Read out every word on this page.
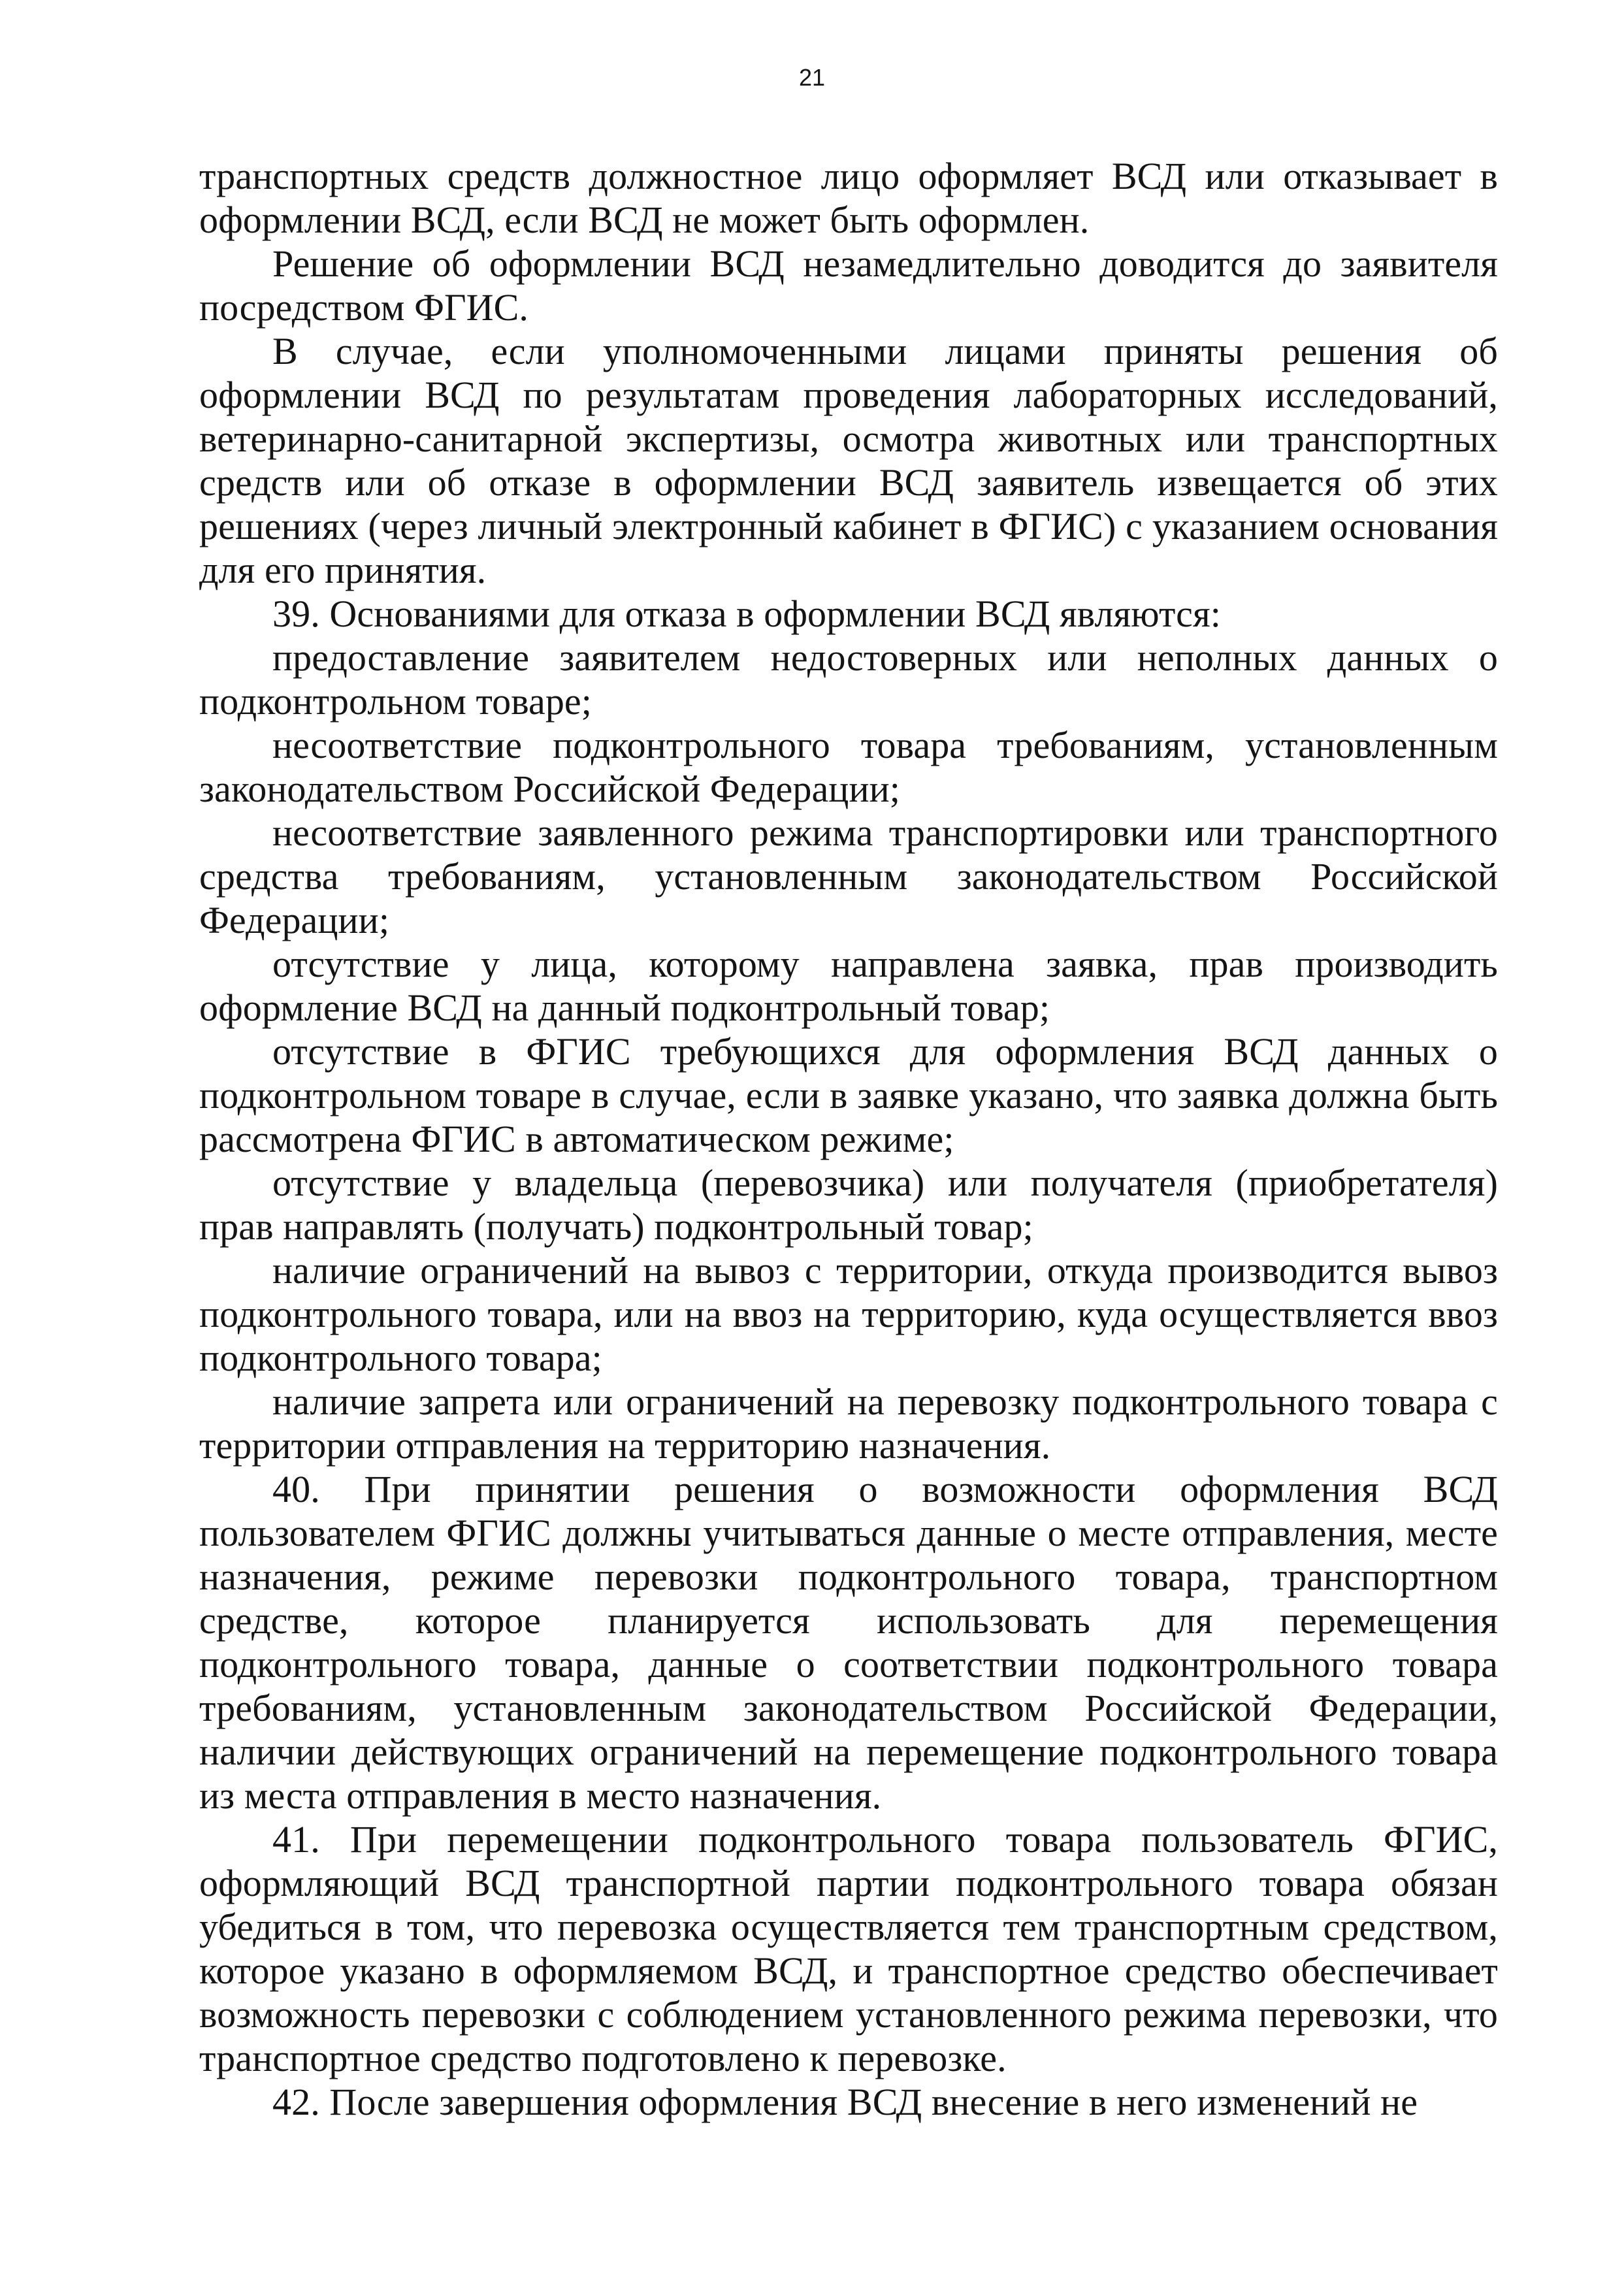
21

транспортных средств должностное лицо оформляет ВСД или отказывает в оформлении ВСД, если ВСД не может быть оформлен.

Решение об оформлении ВСД незамедлительно доводится до заявителя посредством ФГИС.

В случае, если уполномоченными лицами приняты решения об оформлении ВСД по результатам проведения лабораторных исследований, ветеринарно-санитарной экспертизы, осмотра животных или транспортных средств или об отказе в оформлении ВСД заявитель извещается об этих решениях (через личный электронный кабинет в ФГИС) с указанием основания для его принятия.

39. Основаниями для отказа в оформлении ВСД являются:

предоставление заявителем недостоверных или неполных данных о подконтрольном товаре;

несоответствие подконтрольного товара требованиям, установленным законодательством Российской Федерации;

несоответствие заявленного режима транспортировки или транспортного средства требованиям, установленным законодательством Российской Федерации;

отсутствие у лица, которому направлена заявка, прав производить оформление ВСД на данный подконтрольный товар;

отсутствие в ФГИС требующихся для оформления ВСД данных о подконтрольном товаре в случае, если в заявке указано, что заявка должна быть рассмотрена ФГИС в автоматическом режиме;

отсутствие у владельца (перевозчика) или получателя (приобретателя) прав направлять (получать) подконтрольный товар;

наличие ограничений на вывоз с территории, откуда производится вывоз подконтрольного товара, или на ввоз на территорию, куда осуществляется ввоз подконтрольного товара;

наличие запрета или ограничений на перевозку подконтрольного товара с территории отправления на территорию назначения.

40. При принятии решения о возможности оформления ВСД пользователем ФГИС должны учитываться данные о месте отправления, месте назначения, режиме перевозки подконтрольного товара, транспортном средстве, которое планируется использовать для перемещения подконтрольного товара, данные о соответствии подконтрольного товара требованиям, установленным законодательством Российской Федерации, наличии действующих ограничений на перемещение подконтрольного товара из места отправления в место назначения.

41. При перемещении подконтрольного товара пользователь ФГИС, оформляющий ВСД транспортной партии подконтрольного товара обязан убедиться в том, что перевозка осуществляется тем транспортным средством, которое указано в оформляемом ВСД, и транспортное средство обеспечивает возможность перевозки с соблюдением установленного режима перевозки, что транспортное средство подготовлено к перевозке.

42. После завершения оформления ВСД внесение в него изменений не
